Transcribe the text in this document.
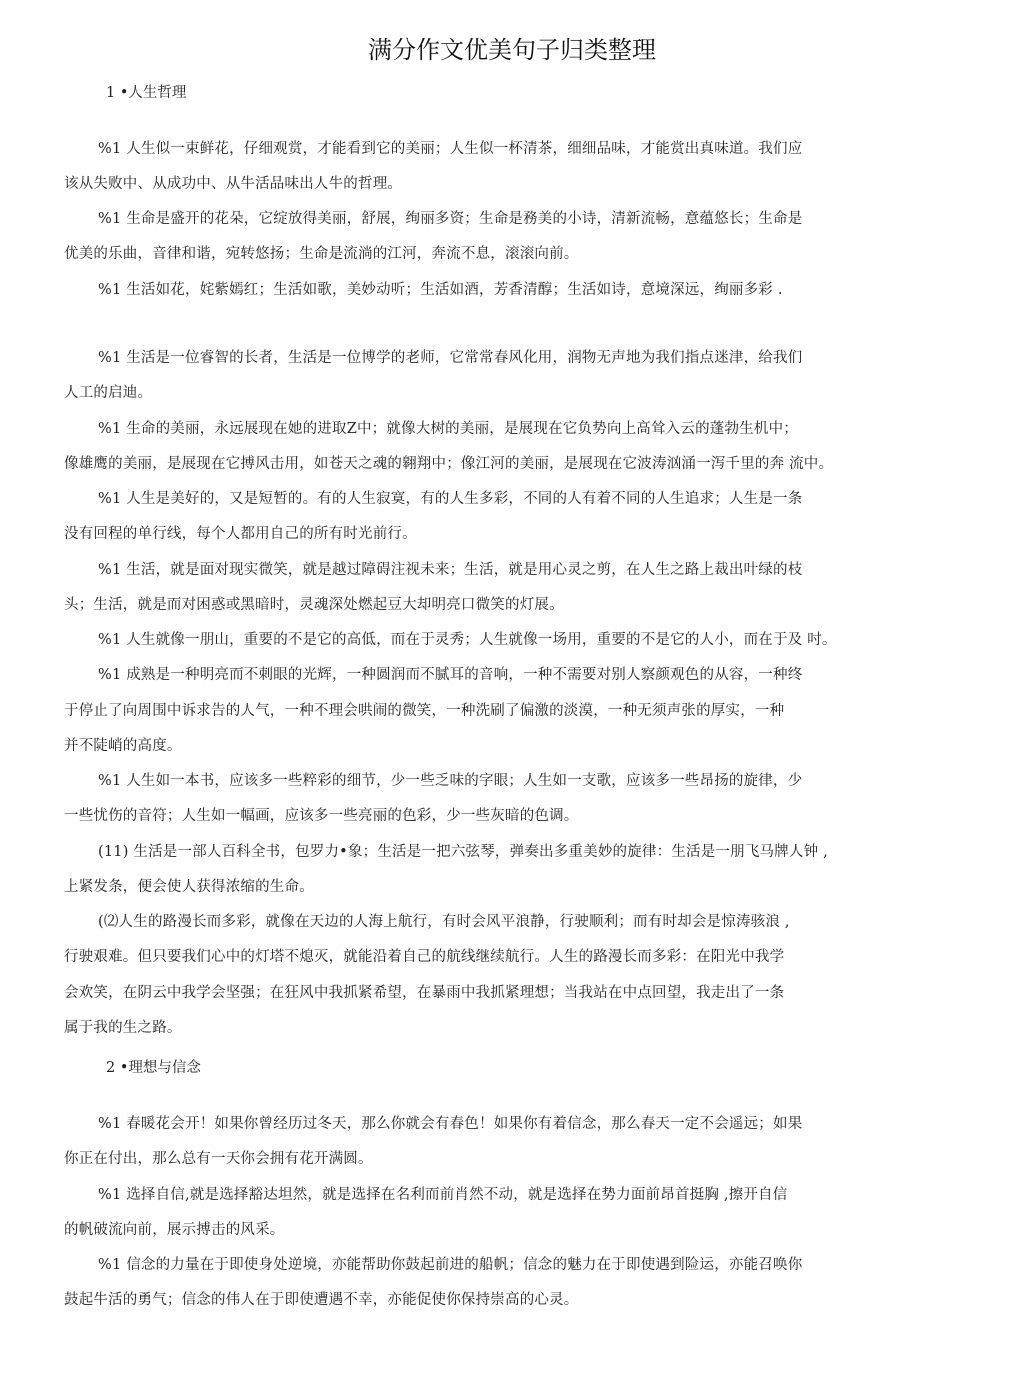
满分作文优美句子归类整理
1 •人生哲理
%1 人生似一束鲜花，仔细观赏，才能看到它的美丽；人生似一杯清茶，细细品味，才能赏出真味道。我们应
该从失败中、从成功中、从牛活品味出人牛的哲理。
%1 生命是盛开的花朵，它绽放得美丽，舒展，绚丽多资；生命是務美的小诗，清新流畅，意蕴悠长；生命是
优美的乐曲，音律和谐，宛转悠扬；生命是流淌的江河，奔流不息，滚滚向前。
%1 生活如花，姹紫嫣红；生活如歌，美妙动听；生活如酒，芳香清醇；生活如诗，意境深远，绚丽多彩 .
%1 生活是一位睿智的长者，生活是一位博学的老师，它常常春风化用，润物无声地为我们指点迷津，给我们
人工的启迪。
%1 生命的美丽，永远展现在她的进取Z中；就像大树的美丽，是展现在它负势向上高耸入云的蓬勃生机中；
像雄鹰的美丽，是展现在它搏风击用，如苍天之魂的翱翔中；像江河的美丽，是展现在它波涛汹涌一泻千里的奔 流中。
%1 人生是美好的，又是短暂的。有的人生寂寞，有的人生多彩，不同的人有着不同的人生追求；人生是一条
没有回程的单行线，每个人都用自己的所有时光前行。
%1 生活，就是面对现实微笑，就是越过障碍注视未来；生活，就是用心灵之剪，在人生之路上裁出叶绿的枝
头；生活，就是而对困惑或黑暗时，灵魂深处燃起豆大却明亮口微笑的灯展。
%1 人生就像一朋山，重要的不是它的高低，而在于灵秀；人生就像一场用，重要的不是它的人小，而在于及 吋。
%1 成熟是一种明亮而不刺眼的光辉，一种圆润而不腻耳的音响，一种不需要对别人察颜观色的从容，一种终
于停止了向周围中诉求告的人气，一种不理会哄闹的微笑，一种洗刷了偏激的淡漠，一种无须声张的厚实，一种
并不陡峭的高度。
%1 人生如一本书，应该多一些粹彩的细节，少一些乏味的字眼；人生如一支歌，应该多一些昂扬的旋律，少
一些忧伤的音符；人生如一幅画，应该多一些亮丽的色彩，少一些灰暗的色调。
(11) 生活是一部人百科全书，包罗力•象；生活是一把六弦琴，弹奏出多重美妙的旋律：生活是一朋飞马牌人钟 ,
上紧发条，便会使人获得浓缩的生命。
(⑵人生的路漫长而多彩，就像在天边的人海上航行，有时会风平浪静，行驶顺利；而有时却会是惊涛骇浪 ,
行驶艰难。但只要我们心中的灯塔不熄灭，就能沿着自己的航线继续航行。人生的路漫长而多彩：在阳光中我学
会欢笑，在阴云中我学会坚强；在狂风中我抓紧希望，在暴雨中我抓紧理想；当我站在中点回望，我走出了一条
属于我的生之路。
2 •理想与信念
%1 春暖花会开！如果你曾经历过冬天，那么你就会有春色！如果你有着信念，那么春天一定不会遥远；如果
你正在付出，那么总有一天你会拥有花开满圆。
%1 选择自信,就是选择豁达坦然，就是选择在名利而前肖然不动，就是选择在势力面前昂首挺胸 ,擦开自信
的帆破流向前，展示搏击的风采。
%1 信念的力量在于即使身处逆境，亦能帮助你鼓起前进的船帆；信念的魅力在于即使遇到险运，亦能召唤你
鼓起牛活的勇气；信念的伟人在于即使遭遇不幸，亦能促使你保持崇高的心灵。
